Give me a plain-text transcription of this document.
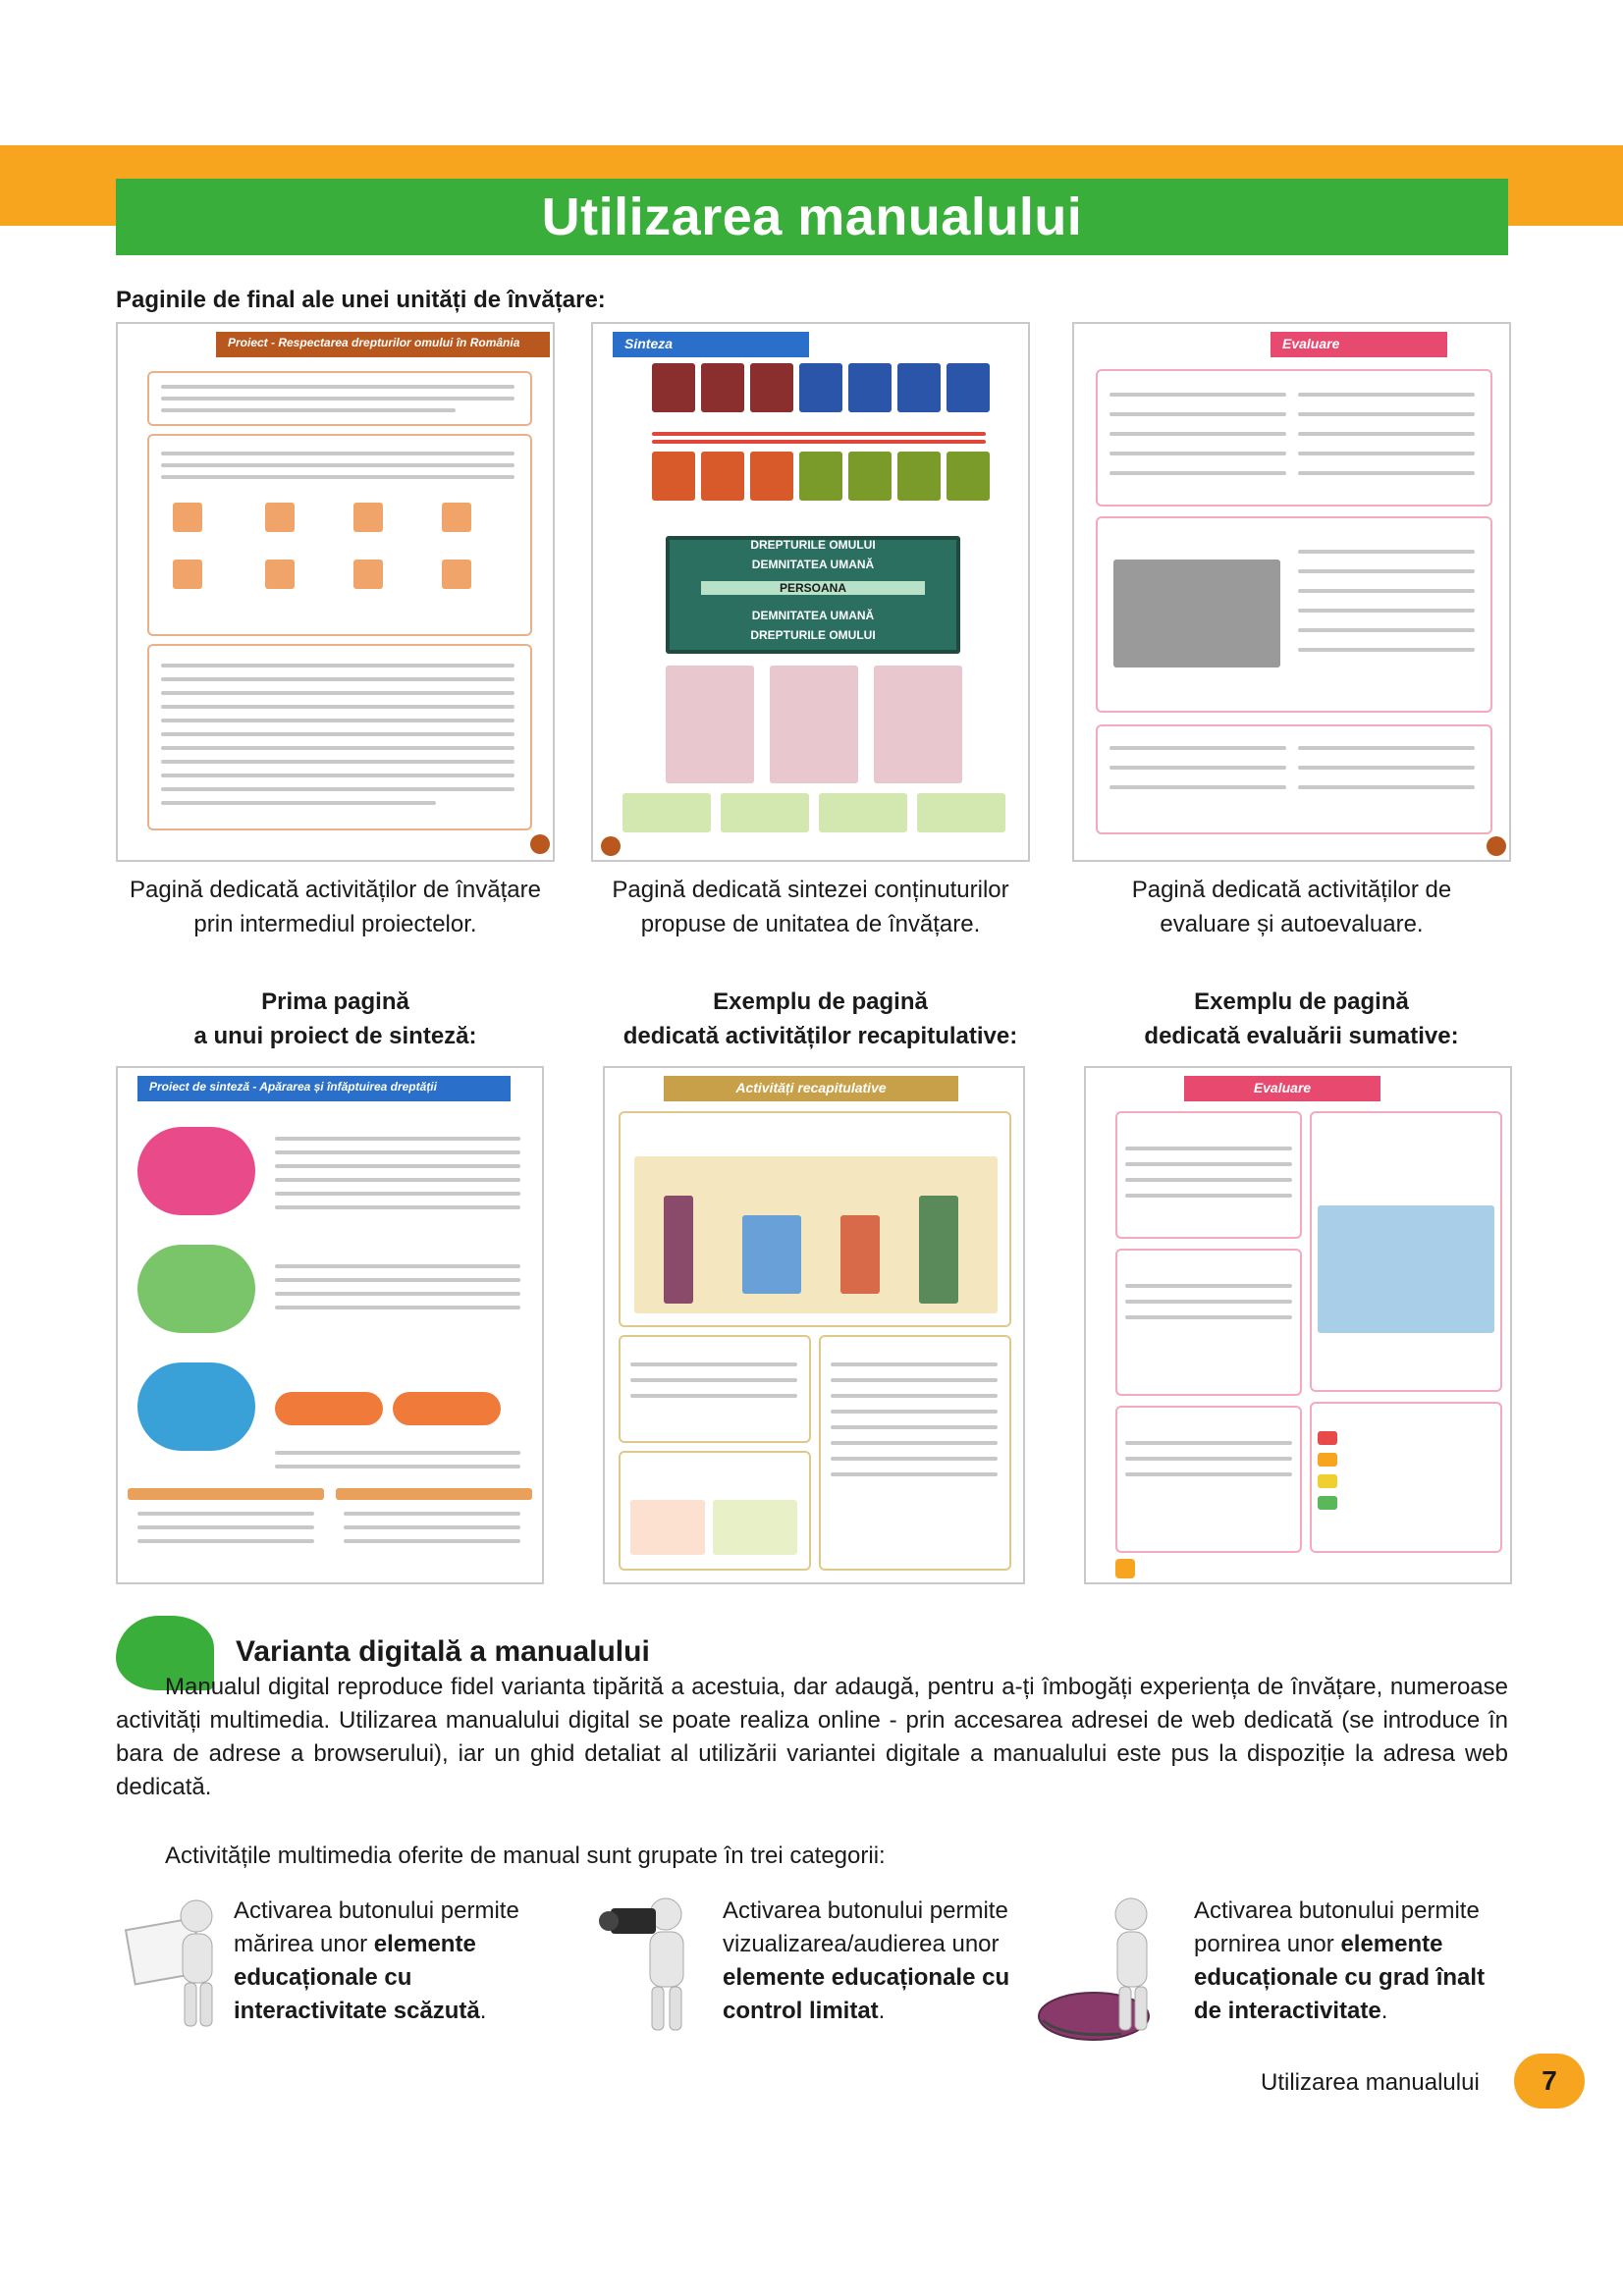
Utilizarea manualului
Paginile de final ale unei unități de învățare:
Proiect - Respectarea drepturilor omului în România	Sinteza
DREPTURILE OMULUI
DEMNITATEA UMANĂ
PERSOANA
DEMNITATEA UMANĂ
DREPTURILE OMULUI
Evaluare
Pagină dedicată activităților de învățare
prin intermediul proiectelor.
Pagină dedicată sintezei conținuturilor
propuse de unitatea de învățare.
Pagină dedicată activităților de
evaluare și autoevaluare.
Prima pagină
a unui proiect de sinteză:
Exemplu de pagină
dedicată activităților recapitulative:
Exemplu de pagină
dedicată evaluării sumative:
Proiect de sinteză - Apărarea și înfăptuirea dreptății	Activități recapitulative	Evaluare
Varianta digitală a manualului
Manualul digital reproduce fidel varianta tipărită a acestuia, dar adaugă, pentru a-ți îmbogăți experiența de învățare, numeroase activități multimedia. Utilizarea manualului digital se poate realiza online - prin accesarea adresei de web dedicată (se introduce în bara de adrese a browserului), iar un ghid detaliat al utilizării variantei digitale a manualului este pus la dispoziție la adresa web dedicată.
Activitățile multimedia oferite de manual sunt grupate în trei categorii:
Activarea butonului permite
mărirea unor elemente
educaționale cu
interactivitate scăzută.
Activarea butonului permite
vizualizarea/audierea unor
elemente educaționale cu
control limitat.
Activarea butonului permite
pornirea unor elemente
educaționale cu grad înalt
de interactivitate.
Utilizarea manualului	7
